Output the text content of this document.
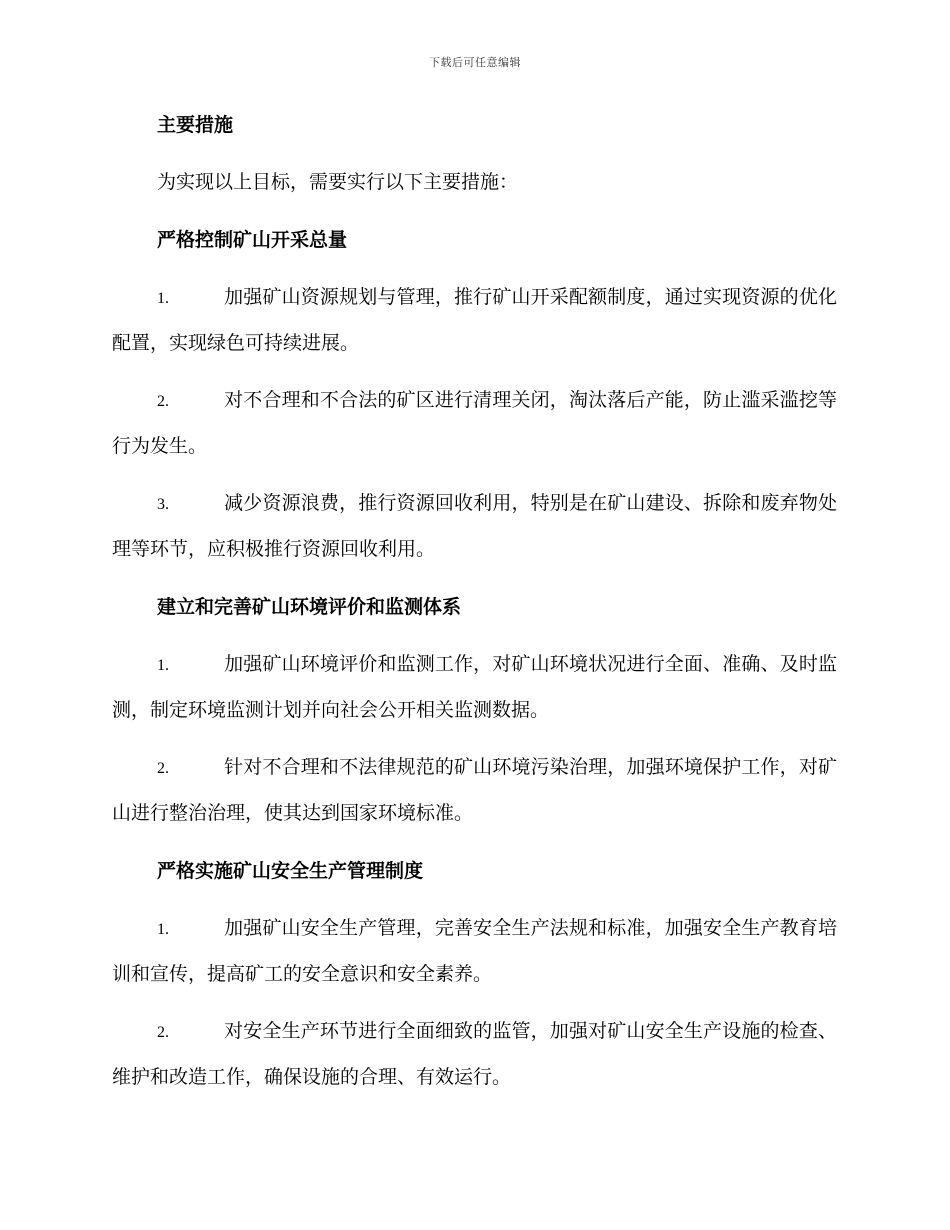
下载后可任意编辑

主要措施

为实现以上目标，需要实行以下主要措施：

严格控制矿山开采总量

1.	加强矿山资源规划与管理，推行矿山开采配额制度，通过实现资源的优化配置，实现绿色可持续进展。

2.	对不合理和不合法的矿区进行清理关闭，淘汰落后产能，防止滥采滥挖等行为发生。

3.	减少资源浪费，推行资源回收利用，特别是在矿山建设、拆除和废弃物处理等环节，应积极推行资源回收利用。

建立和完善矿山环境评价和监测体系

1.	加强矿山环境评价和监测工作，对矿山环境状况进行全面、准确、及时监测，制定环境监测计划并向社会公开相关监测数据。

2.	针对不合理和不法律规范的矿山环境污染治理，加强环境保护工作，对矿山进行整治治理，使其达到国家环境标准。

严格实施矿山安全生产管理制度

1.	加强矿山安全生产管理，完善安全生产法规和标准，加强安全生产教育培训和宣传，提高矿工的安全意识和安全素养。

2.	对安全生产环节进行全面细致的监管，加强对矿山安全生产设施的检查、维护和改造工作，确保设施的合理、有效运行。
